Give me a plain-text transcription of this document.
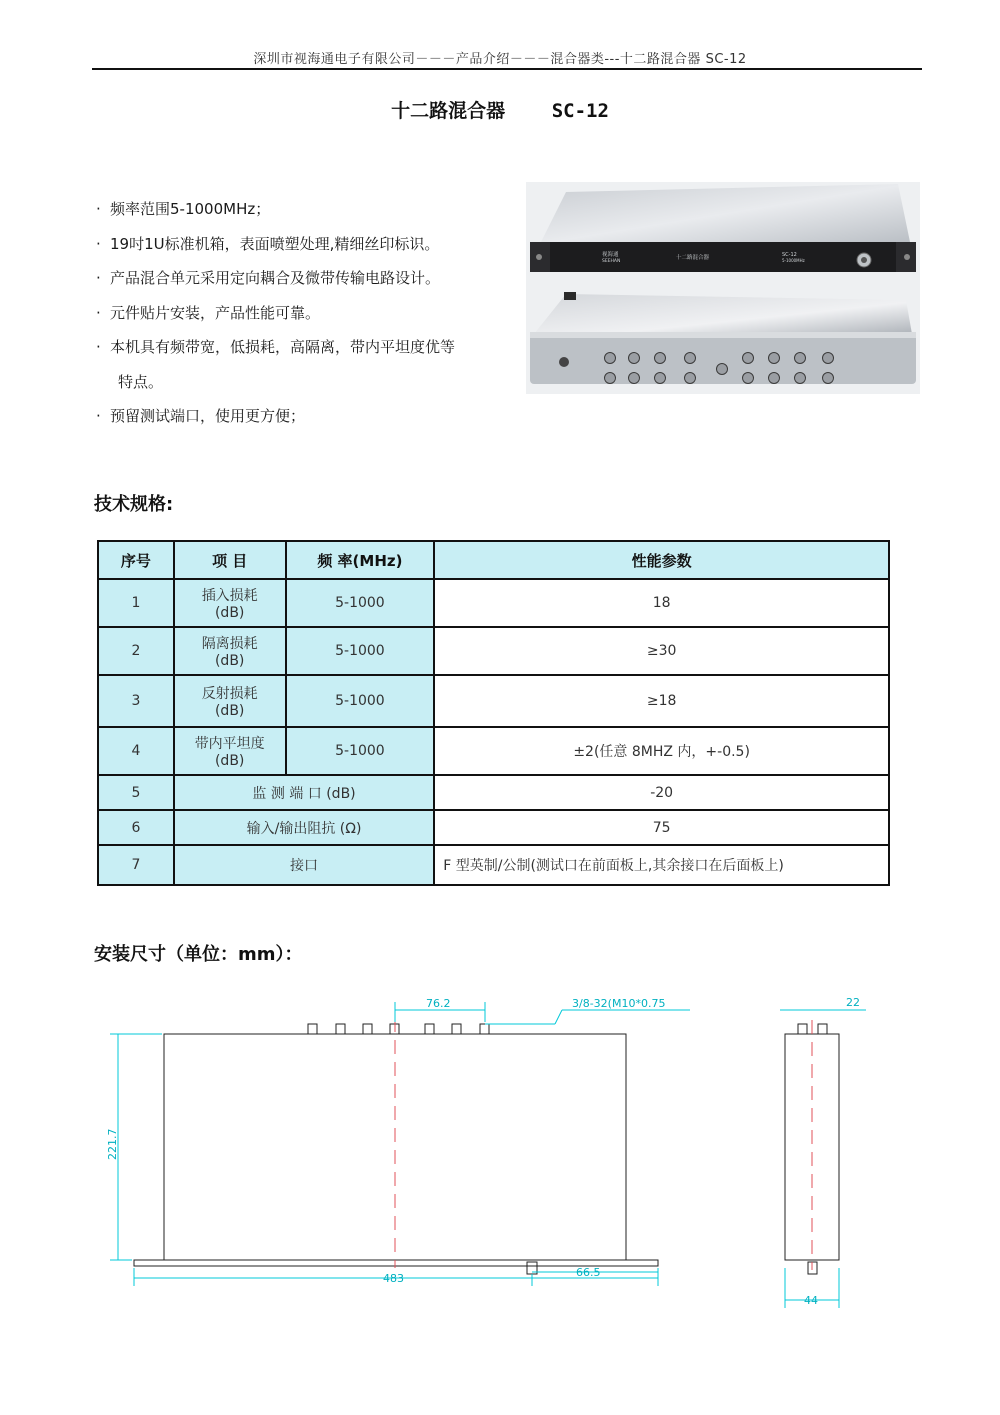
深圳市视海通电子有限公司－－－产品介绍－－－混合器类---十二路混合器 SC-12
十二路混合器 SC-12
· 频率范围5-1000MHz；
· 19吋1U标准机箱，表面喷塑处理,精细丝印标识。
· 产品混合单元采用定向耦合及微带传输电路设计。
· 元件贴片安装，产品性能可靠。
· 本机具有频带宽，低损耗，高隔离，带内平坦度优等
特点。
· 预留测试端口，使用更方便；
视海通
SEEHAN
十二路混合器	SC-12
5-1000MHz
技术规格:
序号	项 目	频 率(MHz)	性能参数
1	插入损耗
(dB)	5-1000	18
2	隔离损耗
(dB)	5-1000	≥30
3	反射损耗
(dB)	5-1000	≥18
4	带内平坦度
(dB)	5-1000	±2(任意 8MHZ 内，+-0.5)
5	监 测 端 口 (dB)		-20
6	输入/输出阻抗 (Ω)		75
7	接口		F 型英制/公制(测试口在前面板上,其余接口在后面板上)
安装尺寸（单位：mm）：
76.2	3/8-32(M10*0.75
221.7
483	66.5
22
44
